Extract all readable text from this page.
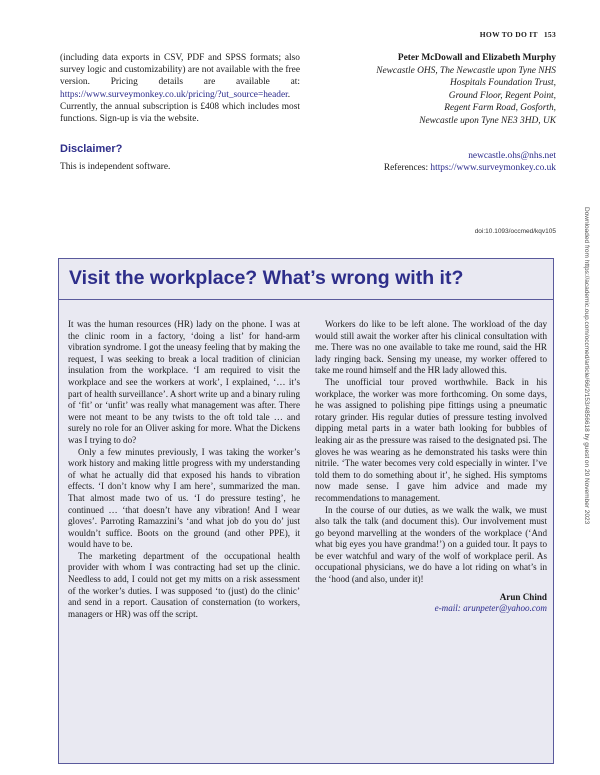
HOW TO DO IT 153
Downloaded from https://academic.oup.com/occmed/article/66/2/153/4856618 by guest on 20 November 2023
(including data exports in CSV, PDF and SPSS formats; also survey logic and customizability) are not available with the free version. Pricing details are available at: https://www.surveymonkey.co.uk/pricing/?ut_source=header. Currently, the annual subscription is £408 which includes most functions. Sign-up is via the website.
Disclaimer?
This is independent software.
Peter McDowall and Elizabeth Murphy
Newcastle OHS, The Newcastle upon Tyne NHS
Hospitals Foundation Trust,
Ground Floor, Regent Point,
Regent Farm Road, Gosforth,
Newcastle upon Tyne NE3 3HD, UK
newcastle.ohs@nhs.net
References: https://www.surveymonkey.co.uk
doi:10.1093/occmed/kqv105
Visit the workplace? What’s wrong with it?

It was the human resources (HR) lady on the phone. I was at the clinic room in a factory, ‘doing a list’ for hand-arm vibration syndrome. I got the uneasy feeling that by making the request, I was seeking to break a local tradition of clinician insulation from the workplace. ‘I am required to visit the workplace and see the workers at work’, I explained, ‘… it’s part of health surveillance’. A short write up and a binary ruling of ‘fit’ or ‘unfit’ was really what management was after. There were not meant to be any twists to the oft told tale … and surely no role for an Oliver asking for more. What the Dickens was I trying to do?

Only a few minutes previously, I was taking the worker’s work history and making little progress with my understanding of what he actually did that exposed his hands to vibration effects. ‘I don’t know why I am here’, summarized the man. That almost made two of us. ‘I do pressure testing’, he continued … ‘that doesn’t have any vibration! And I wear gloves’. Parroting Ramazzini’s ‘and what job do you do’ just wouldn’t suffice. Boots on the ground (and other PPE), it would have to be.

The marketing department of the occupational health provider with whom I was contracting had set up the clinic. Needless to add, I could not get my mitts on a risk assessment of the worker’s duties. I was supposed ‘to (just) do the clinic’ and send in a report. Causation of consternation (to workers, managers or HR) was off the script.

Workers do like to be left alone. The workload of the day would still await the worker after his clinical consultation with me. There was no one available to take me round, said the HR lady ringing back. Sensing my unease, my worker offered to take me round himself and the HR lady allowed this.

The unofficial tour proved worthwhile. Back in his workplace, the worker was more forthcoming. On some days, he was assigned to polishing pipe fittings using a pneumatic rotary grinder. His regular duties of pressure testing involved dipping metal parts in a water bath looking for bubbles of leaking air as the pressure was raised to the designated psi. The gloves he was wearing as he demonstrated his tasks were thin nitrile. ‘The water becomes very cold especially in winter. I’ve told them to do something about it’, he sighed. His symptoms now made sense. I gave him advice and made my recommendations to management.

In the course of our duties, as we walk the walk, we must also talk the talk (and document this). Our involvement must go beyond marvelling at the wonders of the workplace (‘And what big eyes you have grandma!’) on a guided tour. It pays to be ever watchful and wary of the wolf of workplace peril. As occupational physicians, we do have a lot riding on what’s in the ‘hood (and also, under it)!

Arun Chind
e-mail: arunpeter@yahoo.com
